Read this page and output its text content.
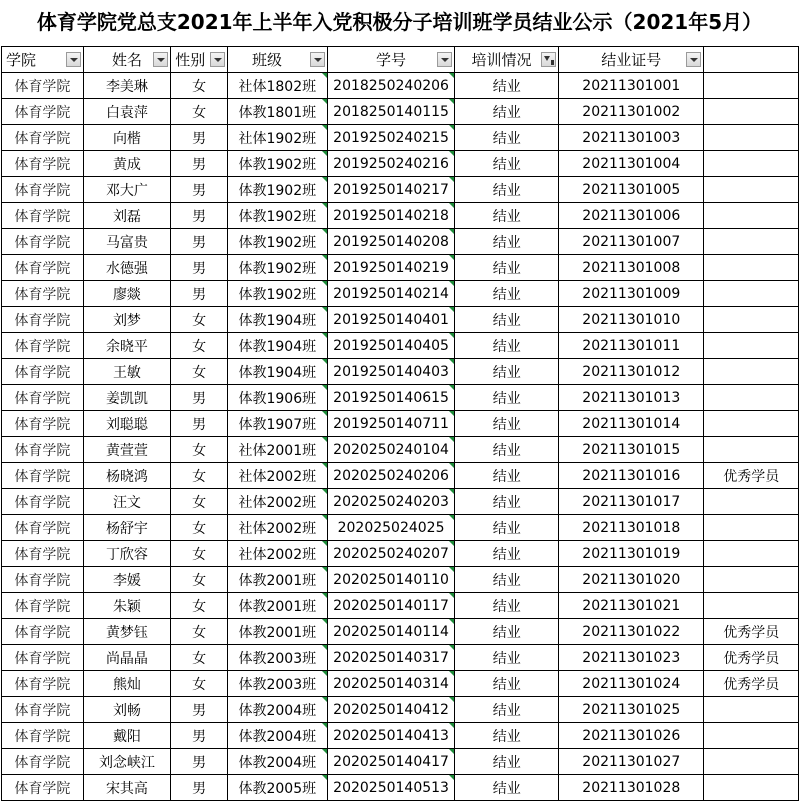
体育学院党总支2021年上半年入党积极分子培训班学员结业公示（2021年5月）
学院	姓名	性别	班级	学号	培训情况	结业证号

体育学院	李美琳	女	社体1802班	2018250240206	结业	20211301001	
体育学院	白袁萍	女	体教1801班	2018250140115	结业	20211301002	
体育学院	向楷	男	社体1902班	2019250240215	结业	20211301003	
体育学院	黄成	男	体教1902班	2019250240216	结业	20211301004	
体育学院	邓大广	男	体教1902班	2019250140217	结业	20211301005	
体育学院	刘磊	男	体教1902班	2019250140218	结业	20211301006	
体育学院	马富贵	男	体教1902班	2019250140208	结业	20211301007	
体育学院	水德强	男	体教1902班	2019250140219	结业	20211301008	
体育学院	廖燚	男	体教1902班	2019250140214	结业	20211301009	
体育学院	刘梦	女	体教1904班	2019250140401	结业	20211301010	
体育学院	余晓平	女	体教1904班	2019250140405	结业	20211301011	
体育学院	王敏	女	体教1904班	2019250140403	结业	20211301012	
体育学院	姜凯凯	男	体教1906班	2019250140615	结业	20211301013	
体育学院	刘聪聪	男	体教1907班	2019250140711	结业	20211301014	
体育学院	黄萱萱	女	社体2001班	2020250240104	结业	20211301015	
体育学院	杨晓鸿	女	社体2002班	2020250240206	结业	20211301016	优秀学员
体育学院	汪文	女	社体2002班	2020250240203	结业	20211301017	
体育学院	杨舒宇	女	社体2002班	202025024025	结业	20211301018	
体育学院	丁欣容	女	社体2002班	2020250240207	结业	20211301019	
体育学院	李媛	女	体教2001班	2020250140110	结业	20211301020	
体育学院	朱颖	女	体教2001班	2020250140117	结业	20211301021	
体育学院	黄梦钰	女	体教2001班	2020250140114	结业	20211301022	优秀学员
体育学院	尚晶晶	女	体教2003班	2020250140317	结业	20211301023	优秀学员
体育学院	熊灿	女	体教2003班	2020250140314	结业	20211301024	优秀学员
体育学院	刘畅	男	体教2004班	2020250140412	结业	20211301025	
体育学院	戴阳	男	体教2004班	2020250140413	结业	20211301026	
体育学院	刘念峡江	男	体教2004班	2020250140417	结业	20211301027	
体育学院	宋其高	男	体教2005班	2020250140513	结业	20211301028	
